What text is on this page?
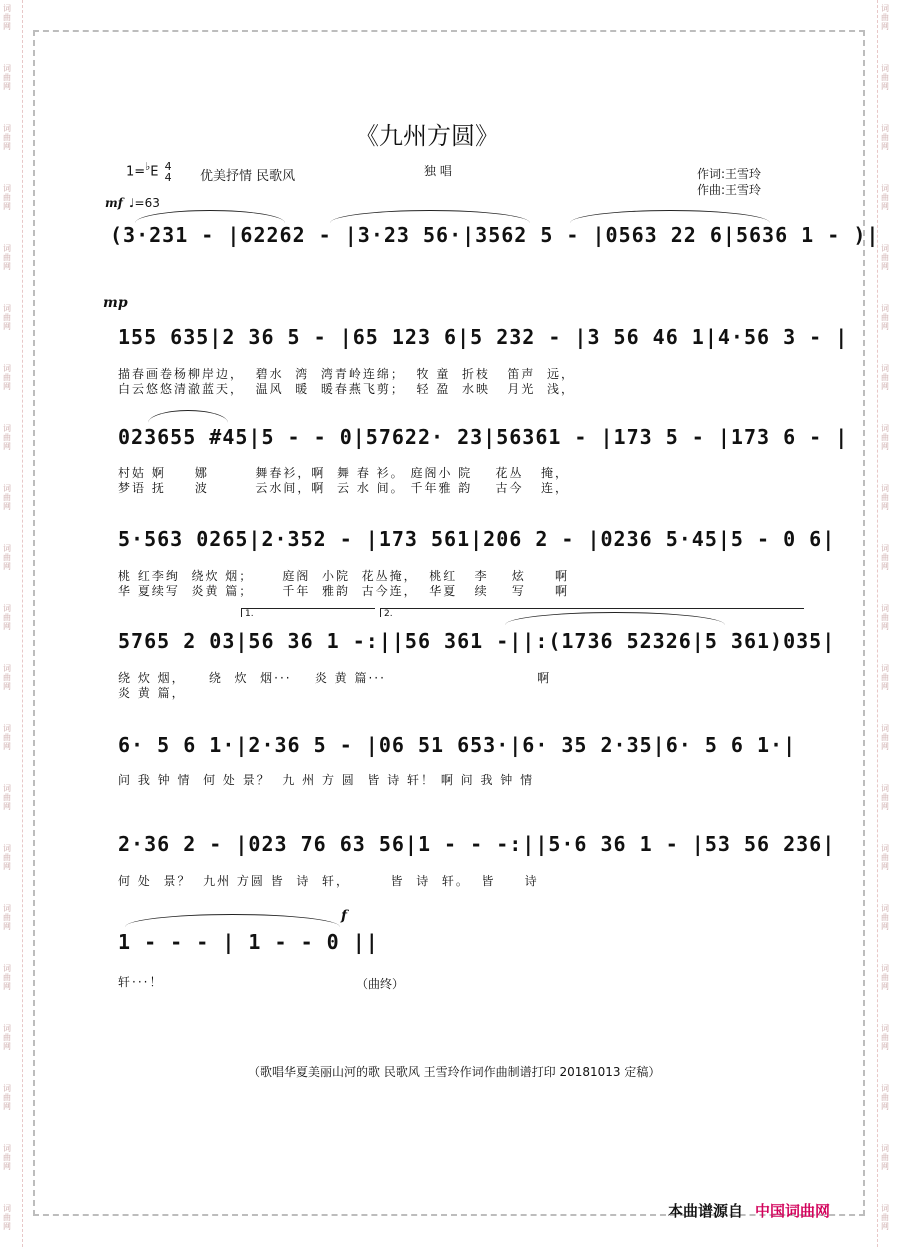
词
曲
网
词
曲
网
词
曲
网
词
曲
网
词
曲
网
词
曲
网
词
曲
网
词
曲
网
词
曲
网
词
曲
网
词
曲
网
词
曲
网
词
曲
网
词
曲
网
词
曲
网
词
曲
网
词
曲
网
词
曲
网
词
曲
网
词
曲
网
词
曲
网
词
曲
网
词
曲
网
词
曲
网
词
曲
网
词
曲
网
词
曲
网
词
曲
网
词
曲
网
词
曲
网
词
曲
网
词
曲
网
词
曲
网
词
曲
网
词
曲
网
词
曲
网
词
曲
网
词
曲
网
词
曲
网
词
曲
网
词
曲
网
词
曲
网
《九州方圆》
1=♭E 4
4 优美抒情 民歌风	独 唱	作词:王雪玲
作曲:王雪玲
mf ♩=63
(3·231 - |62262 - |3·23 56·|3562 5 - |0563 22 6|5636 1 - )|
mp
155 635|2 36 5 - |65 123 6|5 232 - |3 56 46 1|4·56 3 - |
描春画卷杨柳岸边，  碧水  湾  湾青岭连绵；  牧 童  折枝   笛声  远，
白云悠悠清澈蓝天，  温风  暖  暖春燕飞剪；  轻 盈  水映   月光  浅，
023655 #45|5 - - 0|57622· 23|56361 - |173 5 - |173 6 - |
村姑 婀     娜        舞春衫，啊  舞 春 衫。 庭阁小 院    花丛   掩，
梦语 抚     波        云水间，啊  云 水 间。 千年雅 韵    古今   连，
5·563 0265|2·352 - |173 561|206 2 - |0236 5·45|5 - 0 6|
桃 红李绚  绕炊 烟；     庭阁  小院  花丛掩，  桃红   李    炫     啊
华 夏续写  炎黄 篇；     千年  雅韵  古今连，  华夏   续    写     啊
1.	2.
5765 2 03|56 36 1 -:||56 361 -||:(1736 52326|5 361)035|
绕 炊 烟，    绕  炊  烟···    炎 黄 篇···                          啊
炎 黄 篇，
6· 5 6 1·|2·36 5 - |06 51 653·|6· 35 2·35|6· 5 6 1·|
问 我 钟 情  何 处 景？  九 州 方 圆  皆 诗 轩！ 啊 问 我 钟 情
2·36 2 - |023 76 63 56|1 - - -:||5·6 36 1 - |53 56 236|
何 处  景？  九州 方圆 皆  诗  轩，       皆  诗  轩。  皆     诗
f
1 - - - | 1 - - 0 ||
轩···！	（曲终）
（歌唱华夏美丽山河的歌 民歌风 王雪玲作词作曲制谱打印 20181013 定稿）
本曲谱源自 中国词曲网
